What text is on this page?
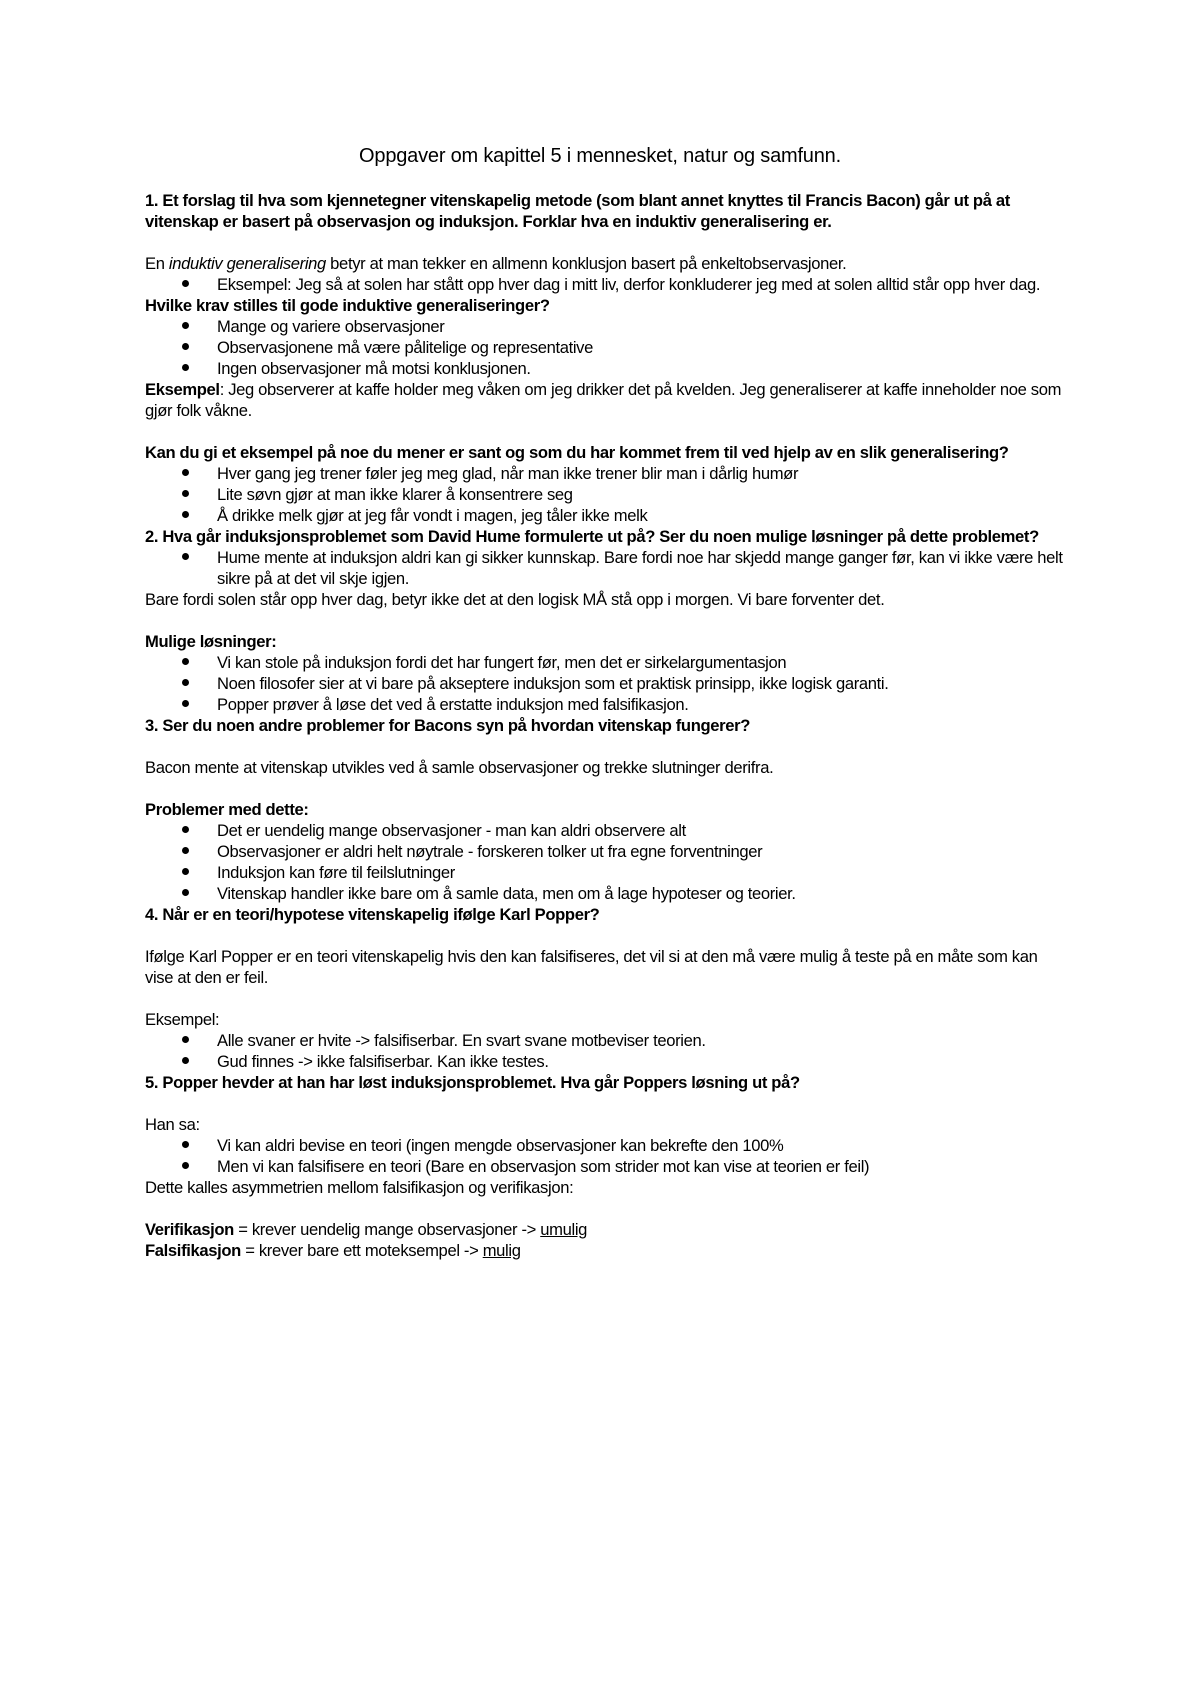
Oppgaver om kapittel 5 i mennesket, natur og samfunn.

1. Et forslag til hva som kjennetegner vitenskapelig metode (som blant annet knyttes til Francis Bacon) går ut på at vitenskap er basert på observasjon og induksjon. Forklar hva en induktiv generalisering er.

En induktiv generalisering betyr at man tekker en allmenn konklusjon basert på enkeltobservasjoner.

Eksempel: Jeg så at solen har stått opp hver dag i mitt liv, derfor konkluderer jeg med at solen alltid står opp hver dag.

Hvilke krav stilles til gode induktive generaliseringer?

Mange og variere observasjoner
Observasjonene må være pålitelige og representative
Ingen observasjoner må motsi konklusjonen.

Eksempel: Jeg observerer at kaffe holder meg våken om jeg drikker det på kvelden. Jeg generaliserer at kaffe inneholder noe som gjør folk våkne.

Kan du gi et eksempel på noe du mener er sant og som du har kommet frem til ved hjelp av en slik generalisering?

Hver gang jeg trener føler jeg meg glad, når man ikke trener blir man i dårlig humør
Lite søvn gjør at man ikke klarer å konsentrere seg
Å drikke melk gjør at jeg får vondt i magen, jeg tåler ikke melk

2. Hva går induksjonsproblemet som David Hume formulerte ut på? Ser du noen mulige løsninger på dette problemet?

Hume mente at induksjon aldri kan gi sikker kunnskap. Bare fordi noe har skjedd mange ganger før, kan vi ikke være helt sikre på at det vil skje igjen.

Bare fordi solen står opp hver dag, betyr ikke det at den logisk MÅ stå opp i morgen. Vi bare forventer det.

Mulige løsninger:

Vi kan stole på induksjon fordi det har fungert før, men det er sirkelargumentasjon
Noen filosofer sier at vi bare på akseptere induksjon som et praktisk prinsipp, ikke logisk garanti.
Popper prøver å løse det ved å erstatte induksjon med falsifikasjon.

3. Ser du noen andre problemer for Bacons syn på hvordan vitenskap fungerer?

Bacon mente at vitenskap utvikles ved å samle observasjoner og trekke slutninger derifra.

Problemer med dette:

Det er uendelig mange observasjoner - man kan aldri observere alt
Observasjoner er aldri helt nøytrale - forskeren tolker ut fra egne forventninger
Induksjon kan føre til feilslutninger
Vitenskap handler ikke bare om å samle data, men om å lage hypoteser og teorier.

4. Når er en teori/hypotese vitenskapelig ifølge Karl Popper?

Ifølge Karl Popper er en teori vitenskapelig hvis den kan falsifiseres, det vil si at den må være mulig å teste på en måte som kan vise at den er feil.

Eksempel:

Alle svaner er hvite -> falsifiserbar. En svart svane motbeviser teorien.
Gud finnes -> ikke falsifiserbar. Kan ikke testes.

5. Popper hevder at han har løst induksjonsproblemet. Hva går Poppers løsning ut på?

Han sa:

Vi kan aldri bevise en teori (ingen mengde observasjoner kan bekrefte den 100%
Men vi kan falsifisere en teori (Bare en observasjon som strider mot kan vise at teorien er feil)

Dette kalles asymmetrien mellom falsifikasjon og verifikasjon:

Verifikasjon = krever uendelig mange observasjoner -> umulig

Falsifikasjon = krever bare ett moteksempel -> mulig
